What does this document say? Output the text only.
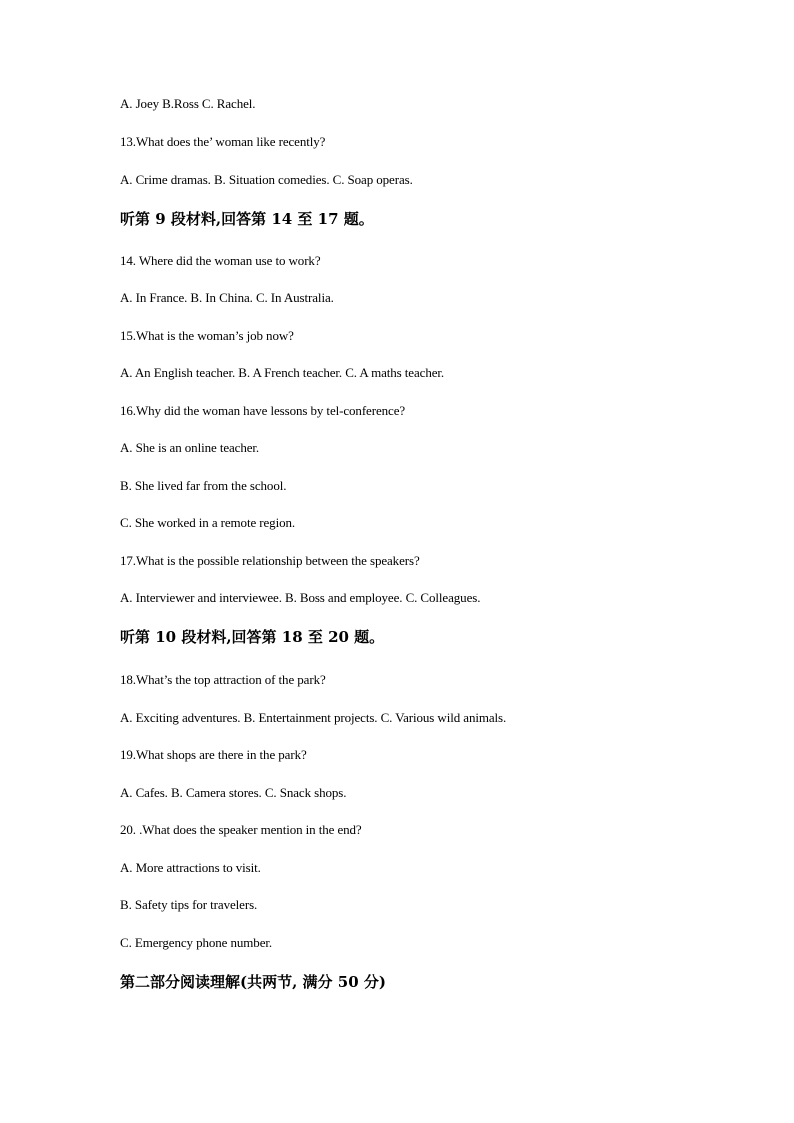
A. Joey B.Ross C. Rachel.
13.What does the’ woman like recently?
A. Crime dramas. B. Situation comedies. C. Soap operas.
听第 9 段材料,回答第 14 至 17 题。
14. Where did the woman use to work?
A. In France. B. In China. C. In Australia.
15.What is the woman’s job now?
A. An English teacher. B. A French teacher. C. A maths teacher.
16.Why did the woman have lessons by tel-conference?
A. She is an online teacher.
B. She lived far from the school.
C. She worked in a remote region.
17.What is the possible relationship between the speakers?
A. Interviewer and interviewee. B. Boss and employee. C. Colleagues.
听第 10 段材料,回答第 18 至 20 题。
18.What’s the top attraction of the park?
A. Exciting adventures. B. Entertainment projects. C. Various wild animals.
19.What shops are there in the park?
A. Cafes. B. Camera stores. C. Snack shops.
20. .What does the speaker mention in the end?
A. More attractions to visit.
B. Safety tips for travelers.
C. Emergency phone number.
第二部分阅读理解(共两节, 满分 50 分)
